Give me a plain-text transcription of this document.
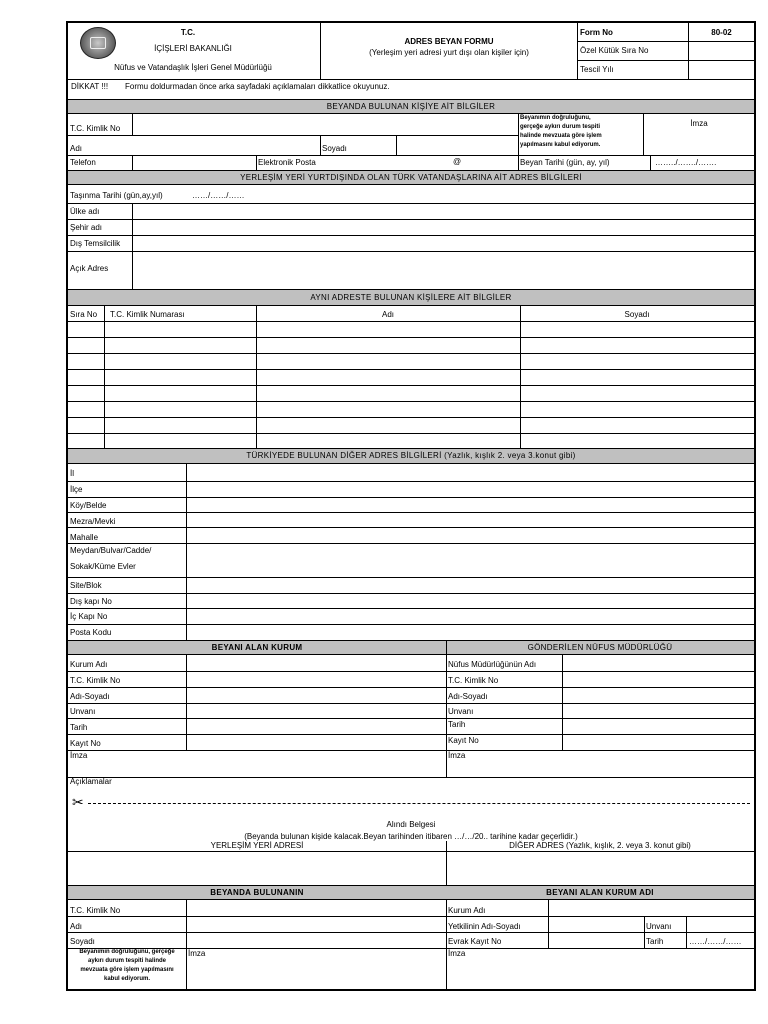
T.C.
İÇİŞLERİ BAKANLIĞI
Nüfus ve Vatandaşlık İşleri Genel Müdürlüğü
ADRES BEYAN FORMU
(Yerleşim yeri adresi yurt dışı olan kişiler için)
Form No	80-02
Özel Kütük Sıra No
Tescil Yılı
DİKKAT !!! Formu doldurmadan önce arka sayfadaki açıklamaları dikkatlice okuyunuz.
BEYANDA BULUNAN KİŞİYE AİT BİLGİLER
T.C. Kimlik No
Adı	Soyadı
Beyanımın doğruluğunu,
gerçeğe aykırı durum tespiti
halinde mevzuata göre işlem
yapılmasını kabul ediyorum.
İmza
Telefon	Elektronik Posta	@	Beyan Tarihi (gün, ay, yıl)	……../……./…….
YERLEŞİM YERİ YURTDIŞINDA OLAN TÜRK VATANDAŞLARINA AİT ADRES BİLGİLERİ
Taşınma Tarihi (gün,ay,yıl)	……/……/……
Ülke adı
Şehir adı
Dış Temsilcilik
Açık Adres
AYNI ADRESTE BULUNAN KİŞİLERE AİT BİLGİLER
Sıra No T.C. Kimlik Numarası	Adı	Soyadı
TÜRKİYEDE BULUNAN DİĞER ADRES BİLGİLERİ (Yazlık, kışlık 2. veya 3.konut gibi)
İl
İlçe
Köy/Belde
Mezra/Mevki
Mahalle
Meydan/Bulvar/Cadde/
Sokak/Küme Evler
Site/Blok
Dış kapı No
İç Kapı No
Posta Kodu
BEYANI ALAN KURUM	GÖNDERİLEN NÜFUS MÜDÜRLÜĞÜ
Kurum Adı
T.C. Kimlik No
Adı-Soyadı
Unvanı
Tarih
Kayıt No
İmza
Nüfus Müdürlüğünün Adı
T.C. Kimlik No
Adı-Soyadı
Unvanı
Tarih
Kayıt No
İmza
Açıklamalar
✂
Alındı Belgesi
(Beyanda bulunan kişide kalacak.Beyan tarihinden itibaren …/…/20.. tarihine kadar geçerlidir.)
YERLEŞİM YERİ ADRESİ	DİĞER ADRES (Yazlık, kışlık, 2. veya 3. konut gibi)
BEYANDA BULUNANIN	BEYANI ALAN KURUM ADI
T.C. Kimlik No
Adı
Soyadı
Beyanımın doğruluğunu, gerçeğe
aykırı durum tespiti halinde
mevzuata göre işlem yapılmasını
kabul ediyorum.
İmza
Kurum Adı
Yetkilinin Adı-Soyadı	Unvanı
Evrak Kayıt No	Tarih	……/……/……
İmza
